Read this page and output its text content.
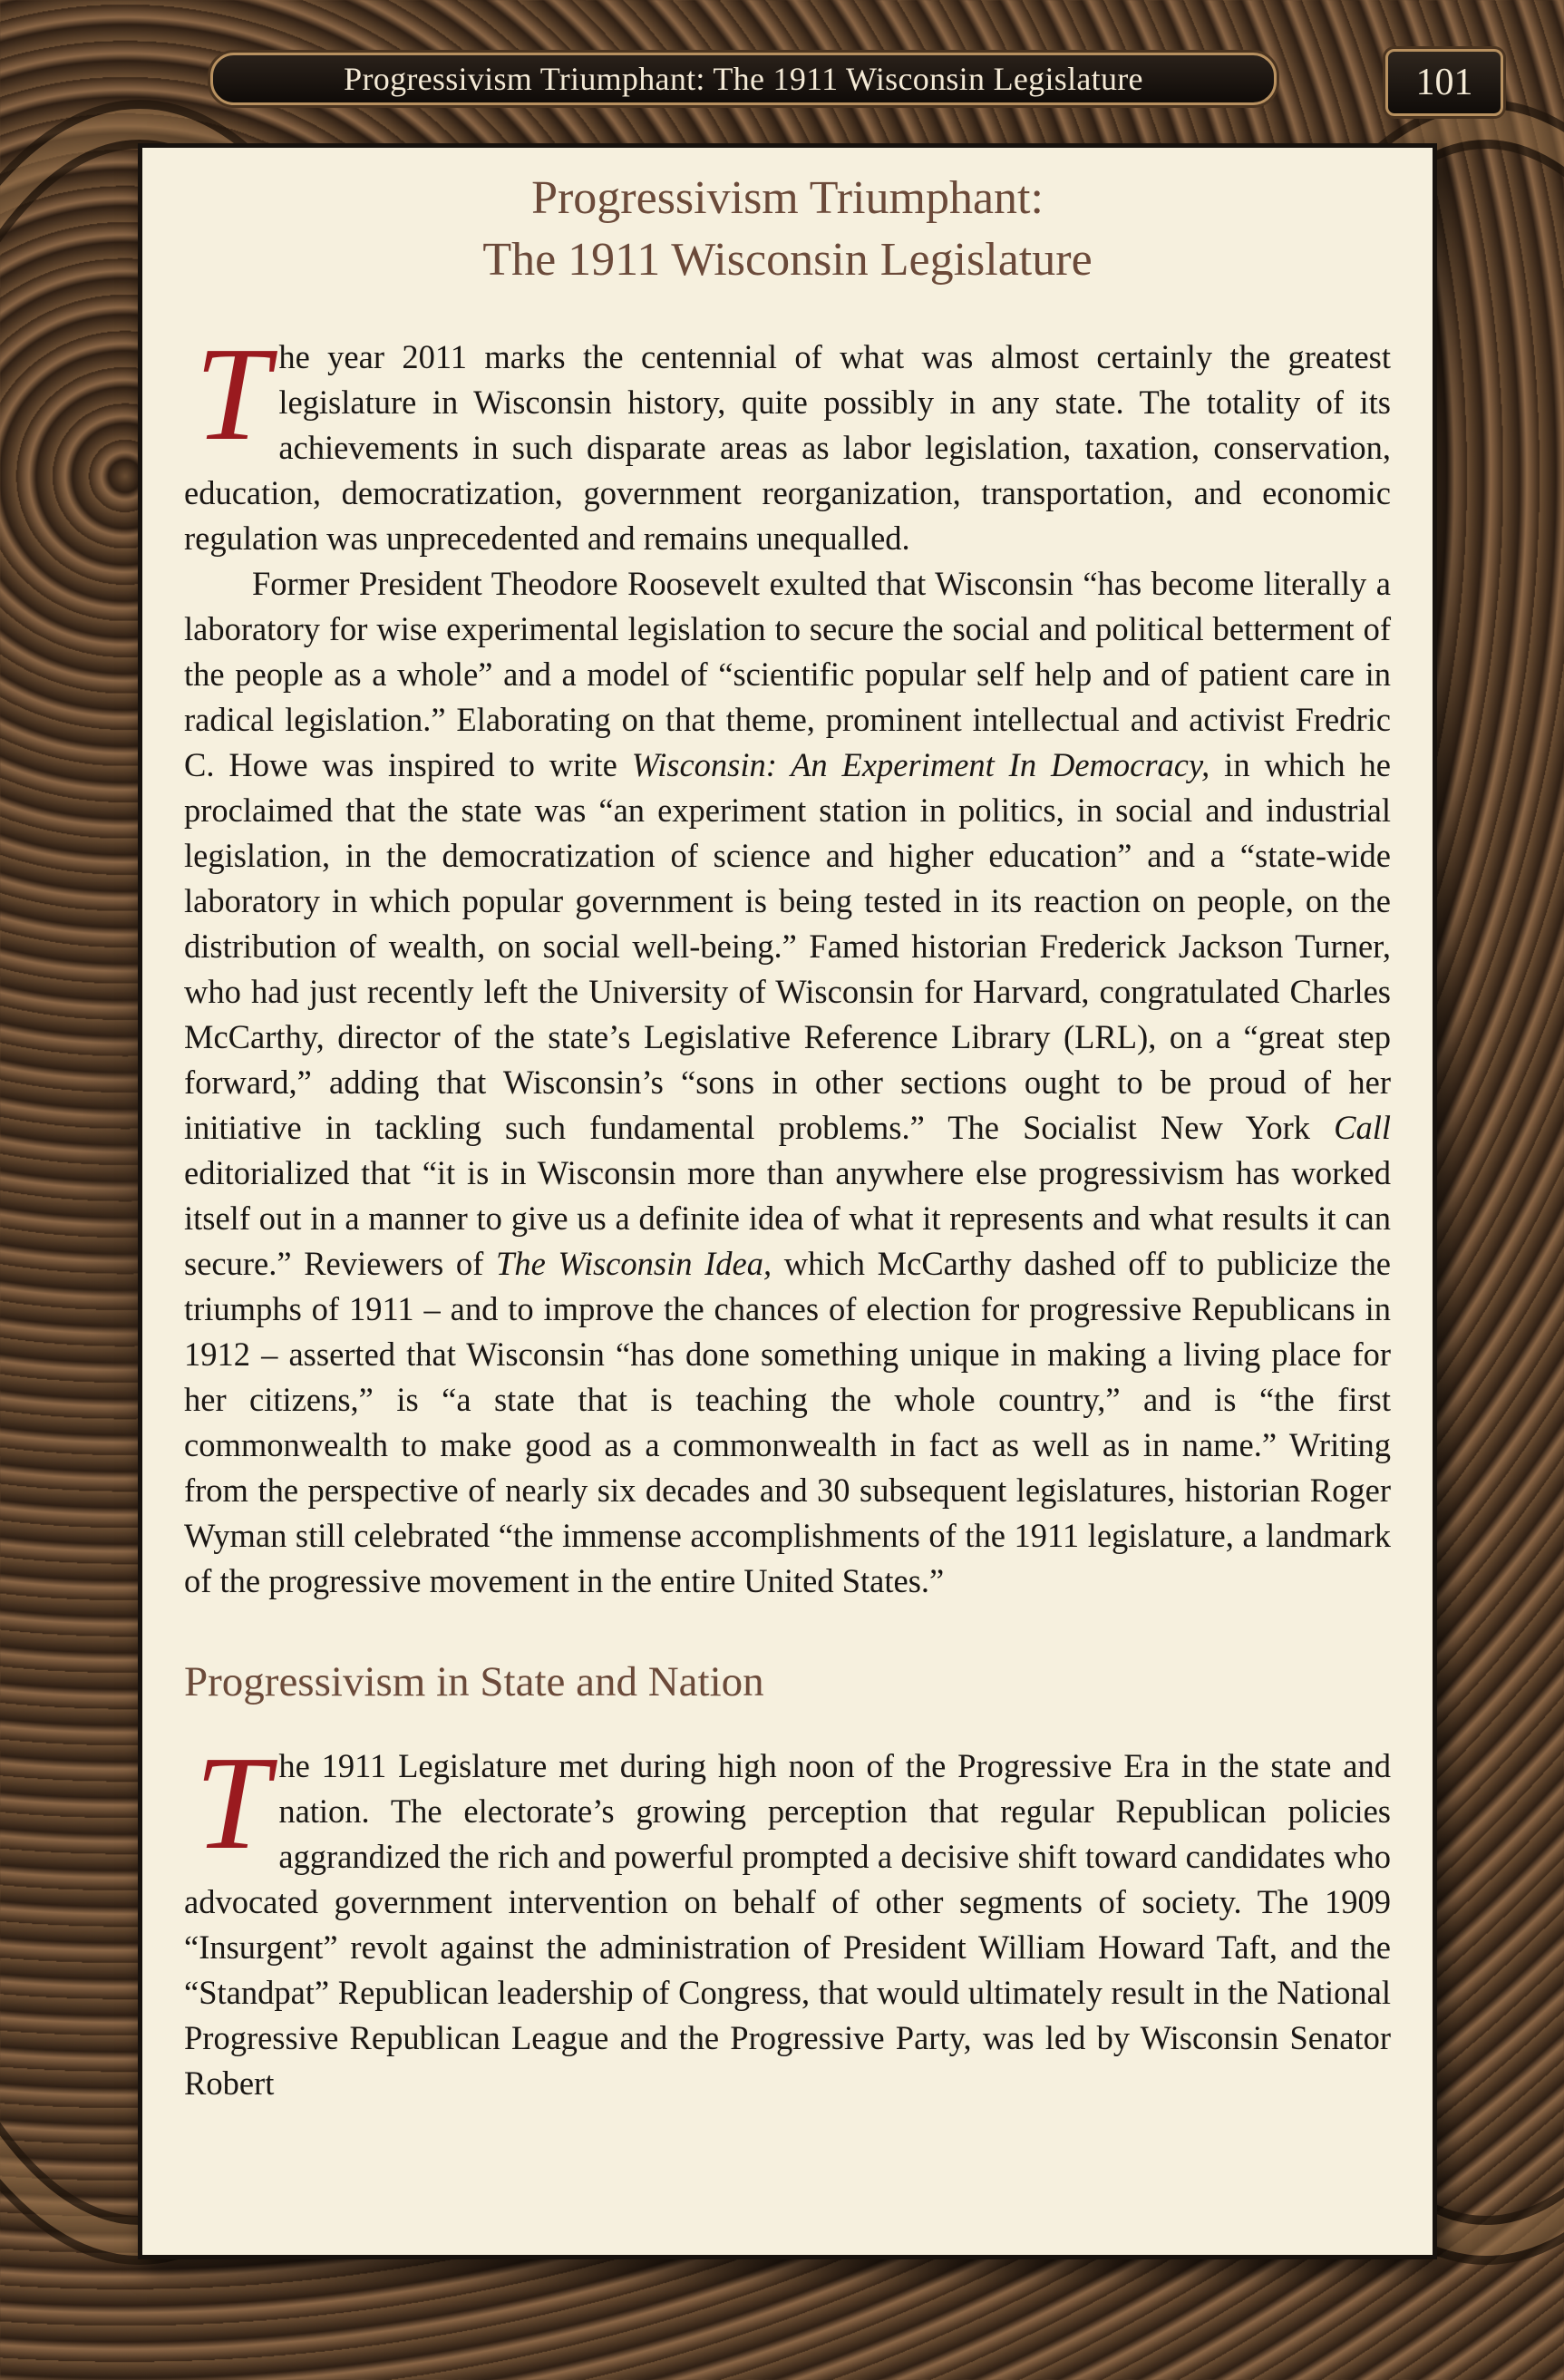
Progressivism Triumphant: The 1911 Wisconsin Legislature	101
Progressivism Triumphant:
The 1911 Wisconsin Legislature

The year 2011 marks the centennial of what was almost certainly the greatest legislature in Wisconsin history, quite possibly in any state. The totality of its achievements in such disparate areas as labor legislation, taxation, conservation, education, democratization, government reorganization, transportation, and economic regulation was unprecedented and remains unequalled.

Former President Theodore Roosevelt exulted that Wisconsin “has become literally a laboratory for wise experimental legislation to secure the social and political betterment of the people as a whole” and a model of “scientific popular self help and of patient care in radical legislation.” Elaborating on that theme, prominent intellectual and activist Fredric C. Howe was inspired to write Wisconsin: An Experiment In Democracy, in which he proclaimed that the state was “an experiment station in politics, in social and industrial legislation, in the democratization of science and higher education” and a “state-wide laboratory in which popular government is being tested in its reaction on people, on the distribution of wealth, on social well-being.” Famed historian Frederick Jackson Turner, who had just recently left the University of Wisconsin for Harvard, congratulated Charles McCarthy, director of the state’s Legislative Reference Library (LRL), on a “great step forward,” adding that Wisconsin’s “sons in other sections ought to be proud of her initiative in tackling such fundamental problems.” The Socialist New York Call editorialized that “it is in Wisconsin more than anywhere else progressivism has worked itself out in a manner to give us a definite idea of what it represents and what results it can secure.” Reviewers of The Wisconsin Idea, which McCarthy dashed off to publicize the triumphs of 1911 – and to improve the chances of election for progressive Republicans in 1912 – asserted that Wisconsin “has done something unique in making a living place for her citizens,” is “a state that is teaching the whole country,” and is “the first commonwealth to make good as a commonwealth in fact as well as in name.” Writing from the perspective of nearly six decades and 30 subsequent legislatures, historian Roger Wyman still celebrated “the immense accomplishments of the 1911 legislature, a landmark of the progressive movement in the entire United States.”

Progressivism in State and Nation

The 1911 Legislature met during high noon of the Progressive Era in the state and nation. The electorate’s growing perception that regular Republican policies aggrandized the rich and powerful prompted a decisive shift toward candidates who advocated government intervention on behalf of other segments of society. The 1909 “Insurgent” revolt against the administration of President William Howard Taft, and the “Standpat” Republican leadership of Congress, that would ultimately result in the National Progressive Republican League and the Progressive Party, was led by Wisconsin Senator Robert
